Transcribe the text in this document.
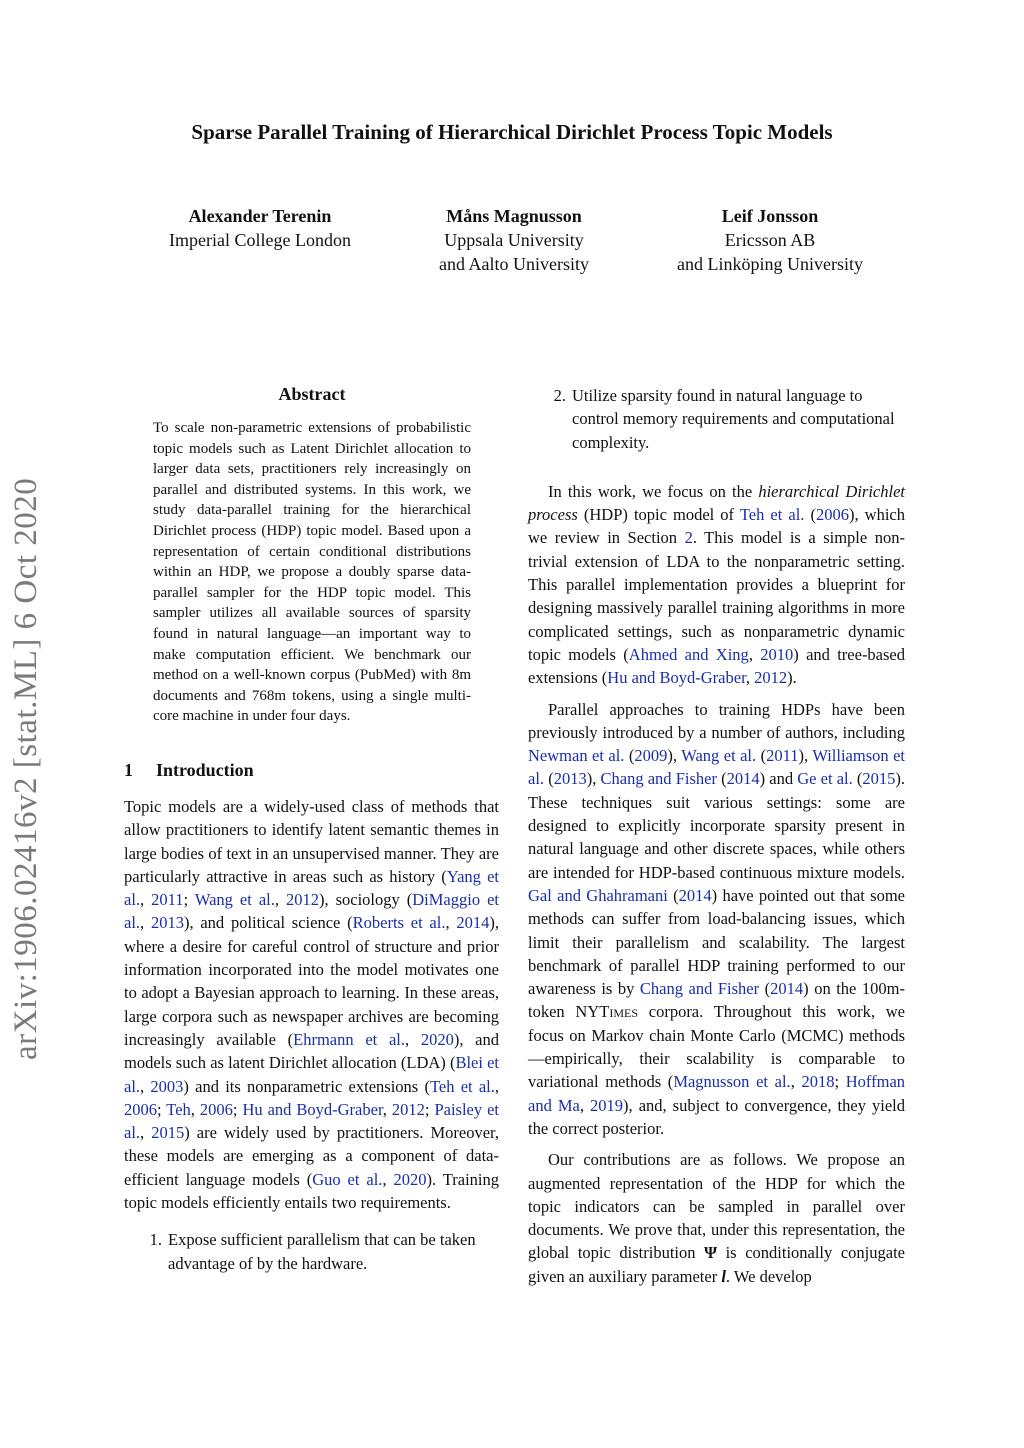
arXiv:1906.02416v2 [stat.ML] 6 Oct 2020
Sparse Parallel Training of Hierarchical Dirichlet Process Topic Models
Alexander Terenin
Imperial College London
Måns Magnusson
Uppsala University
and Aalto University
Leif Jonsson
Ericsson AB
and Linköping University
Abstract
To scale non-parametric extensions of probabilistic topic models such as Latent Dirichlet allocation to larger data sets, practitioners rely increasingly on parallel and distributed systems. In this work, we study data-parallel training for the hierarchical Dirichlet process (HDP) topic model. Based upon a representation of certain conditional distributions within an HDP, we propose a doubly sparse data-parallel sampler for the HDP topic model. This sampler utilizes all available sources of sparsity found in natural language—an important way to make computation efficient. We benchmark our method on a well-known corpus (PubMed) with 8m documents and 768m tokens, using a single multi-core machine in under four days.
1 Introduction

Topic models are a widely-used class of methods that allow practitioners to identify latent semantic themes in large bodies of text in an unsupervised manner. They are particularly attractive in areas such as history (Yang et al., 2011; Wang et al., 2012), sociology (DiMaggio et al., 2013), and political science (Roberts et al., 2014), where a desire for careful control of structure and prior information incorporated into the model motivates one to adopt a Bayesian approach to learning. In these areas, large corpora such as newspaper archives are becoming increasingly available (Ehrmann et al., 2020), and models such as latent Dirichlet allocation (LDA) (Blei et al., 2003) and its nonparametric extensions (Teh et al., 2006; Teh, 2006; Hu and Boyd-Graber, 2012; Paisley et al., 2015) are widely used by practitioners. Moreover, these models are emerging as a component of data-efficient language models (Guo et al., 2020). Training topic models efficiently entails two requirements.

1. Expose sufficient parallelism that can be taken advantage of by the hardware.
2. Utilize sparsity found in natural language to control memory requirements and computational complexity.

In this work, we focus on the hierarchical Dirichlet process (HDP) topic model of Teh et al. (2006), which we review in Section 2. This model is a simple non-trivial extension of LDA to the nonparametric setting. This parallel implementation provides a blueprint for designing massively parallel training algorithms in more complicated settings, such as nonparametric dynamic topic models (Ahmed and Xing, 2010) and tree-based extensions (Hu and Boyd-Graber, 2012).

Parallel approaches to training HDPs have been previously introduced by a number of authors, including Newman et al. (2009), Wang et al. (2011), Williamson et al. (2013), Chang and Fisher (2014) and Ge et al. (2015). These techniques suit various settings: some are designed to explicitly incorporate sparsity present in natural language and other discrete spaces, while others are intended for HDP-based continuous mixture models. Gal and Ghahramani (2014) have pointed out that some methods can suffer from load-balancing issues, which limit their parallelism and scalability. The largest benchmark of parallel HDP training performed to our awareness is by Chang and Fisher (2014) on the 100m-token NYTimes corpora. Throughout this work, we focus on Markov chain Monte Carlo (MCMC) methods—empirically, their scalability is comparable to variational methods (Magnusson et al., 2018; Hoffman and Ma, 2019), and, subject to convergence, they yield the correct posterior.

Our contributions are as follows. We propose an augmented representation of the HDP for which the topic indicators can be sampled in parallel over documents. We prove that, under this representation, the global topic distribution Ψ is conditionally conjugate given an auxiliary parameter l. We develop
